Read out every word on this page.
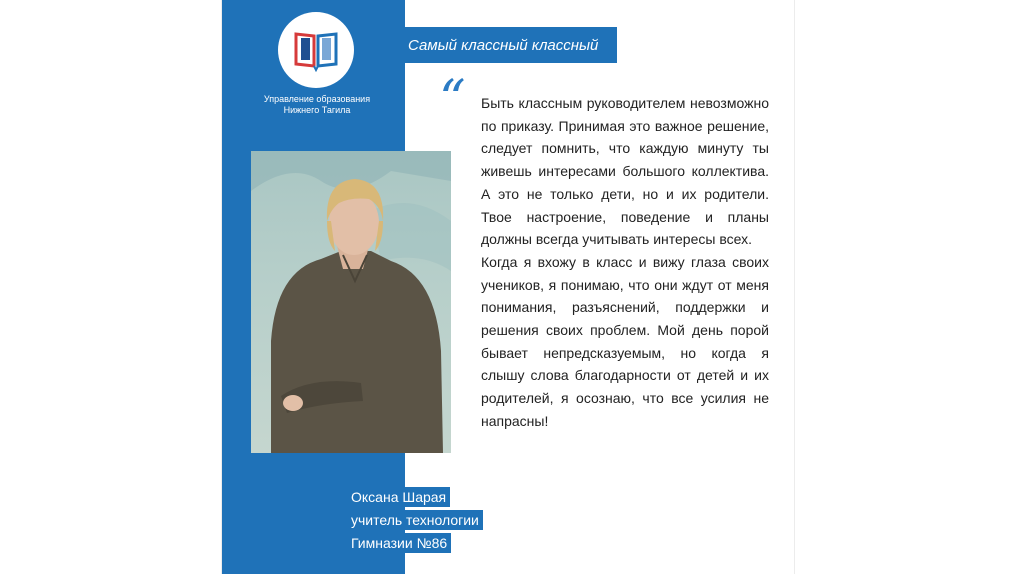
Управление образования
Нижнего Тагила
Самый классный классный
“ Быть классным руководителем невозможно по приказу. Принимая это важное решение, следует помнить, что каждую минуту ты живешь интересами большого коллектива. А это не только дети, но и их родители. Твое настроение, поведение и планы должны всегда учитывать интересы всех.

Когда я вхожу в класс и вижу глаза своих учеников, я понимаю, что они ждут от меня понимания, разъяснений, поддержки и решения своих проблем. Мой день порой бывает непредсказуемым, но когда я слышу слова благодарности от детей и их родителей, я осознаю, что все усилия не напрасны!

Оксана Шарая
учитель технологии
Гимназии №86
